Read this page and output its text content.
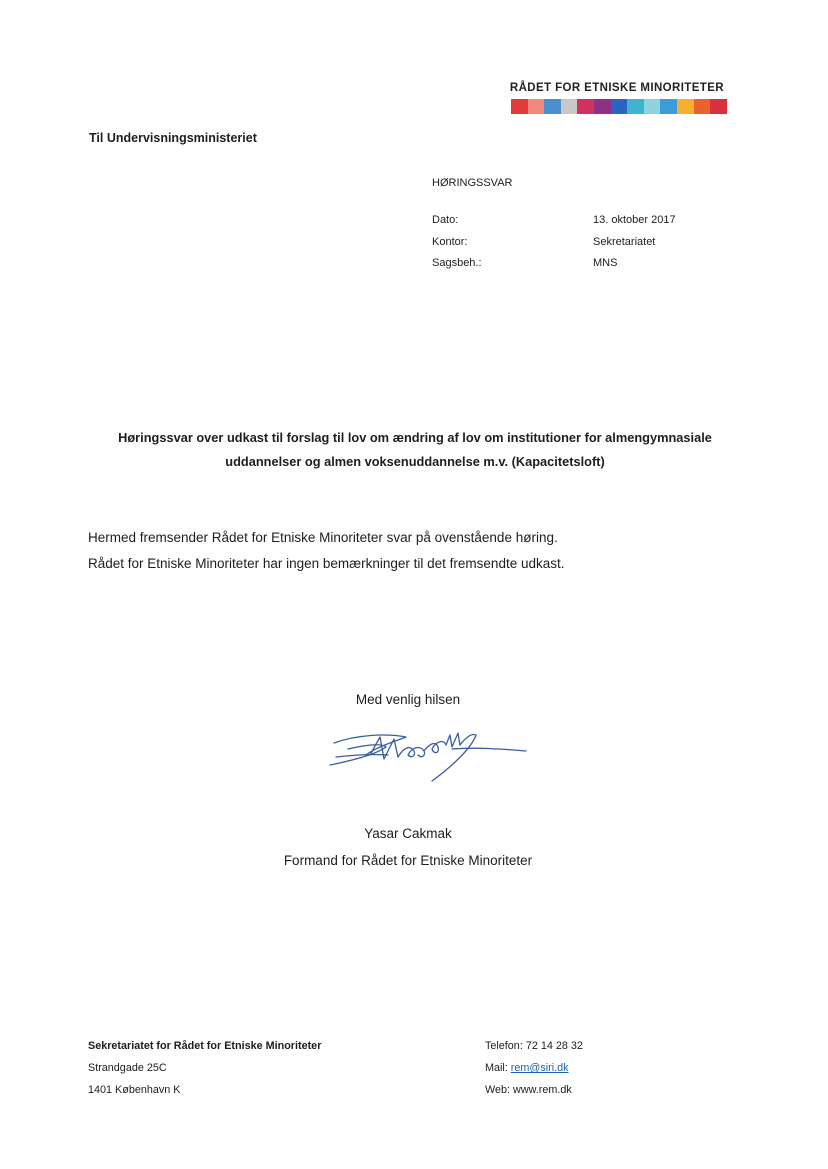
RÅDET FOR ETNISKE MINORITETER
Til Undervisningsministeriet
HØRINGSSVAR
Dato:	13. oktober 2017
Kontor:	Sekretariatet
Sagsbeh.:	MNS
Høringssvar over udkast til forslag til lov om ændring af lov om institutioner for almengymnasiale
uddannelser og almen voksenuddannelse m.v. (Kapacitetsloft)
Hermed fremsender Rådet for Etniske Minoriteter svar på ovenstående høring.
Rådet for Etniske Minoriteter har ingen bemærkninger til det fremsendte udkast.
Med venlig hilsen
Yasar Cakmak
Formand for Rådet for Etniske Minoriteter
Sekretariatet for Rådet for Etniske Minoriteter
Strandgade 25C
1401 København K
Telefon: 72 14 28 32
Mail: rem@siri.dk
Web: www.rem.dk
